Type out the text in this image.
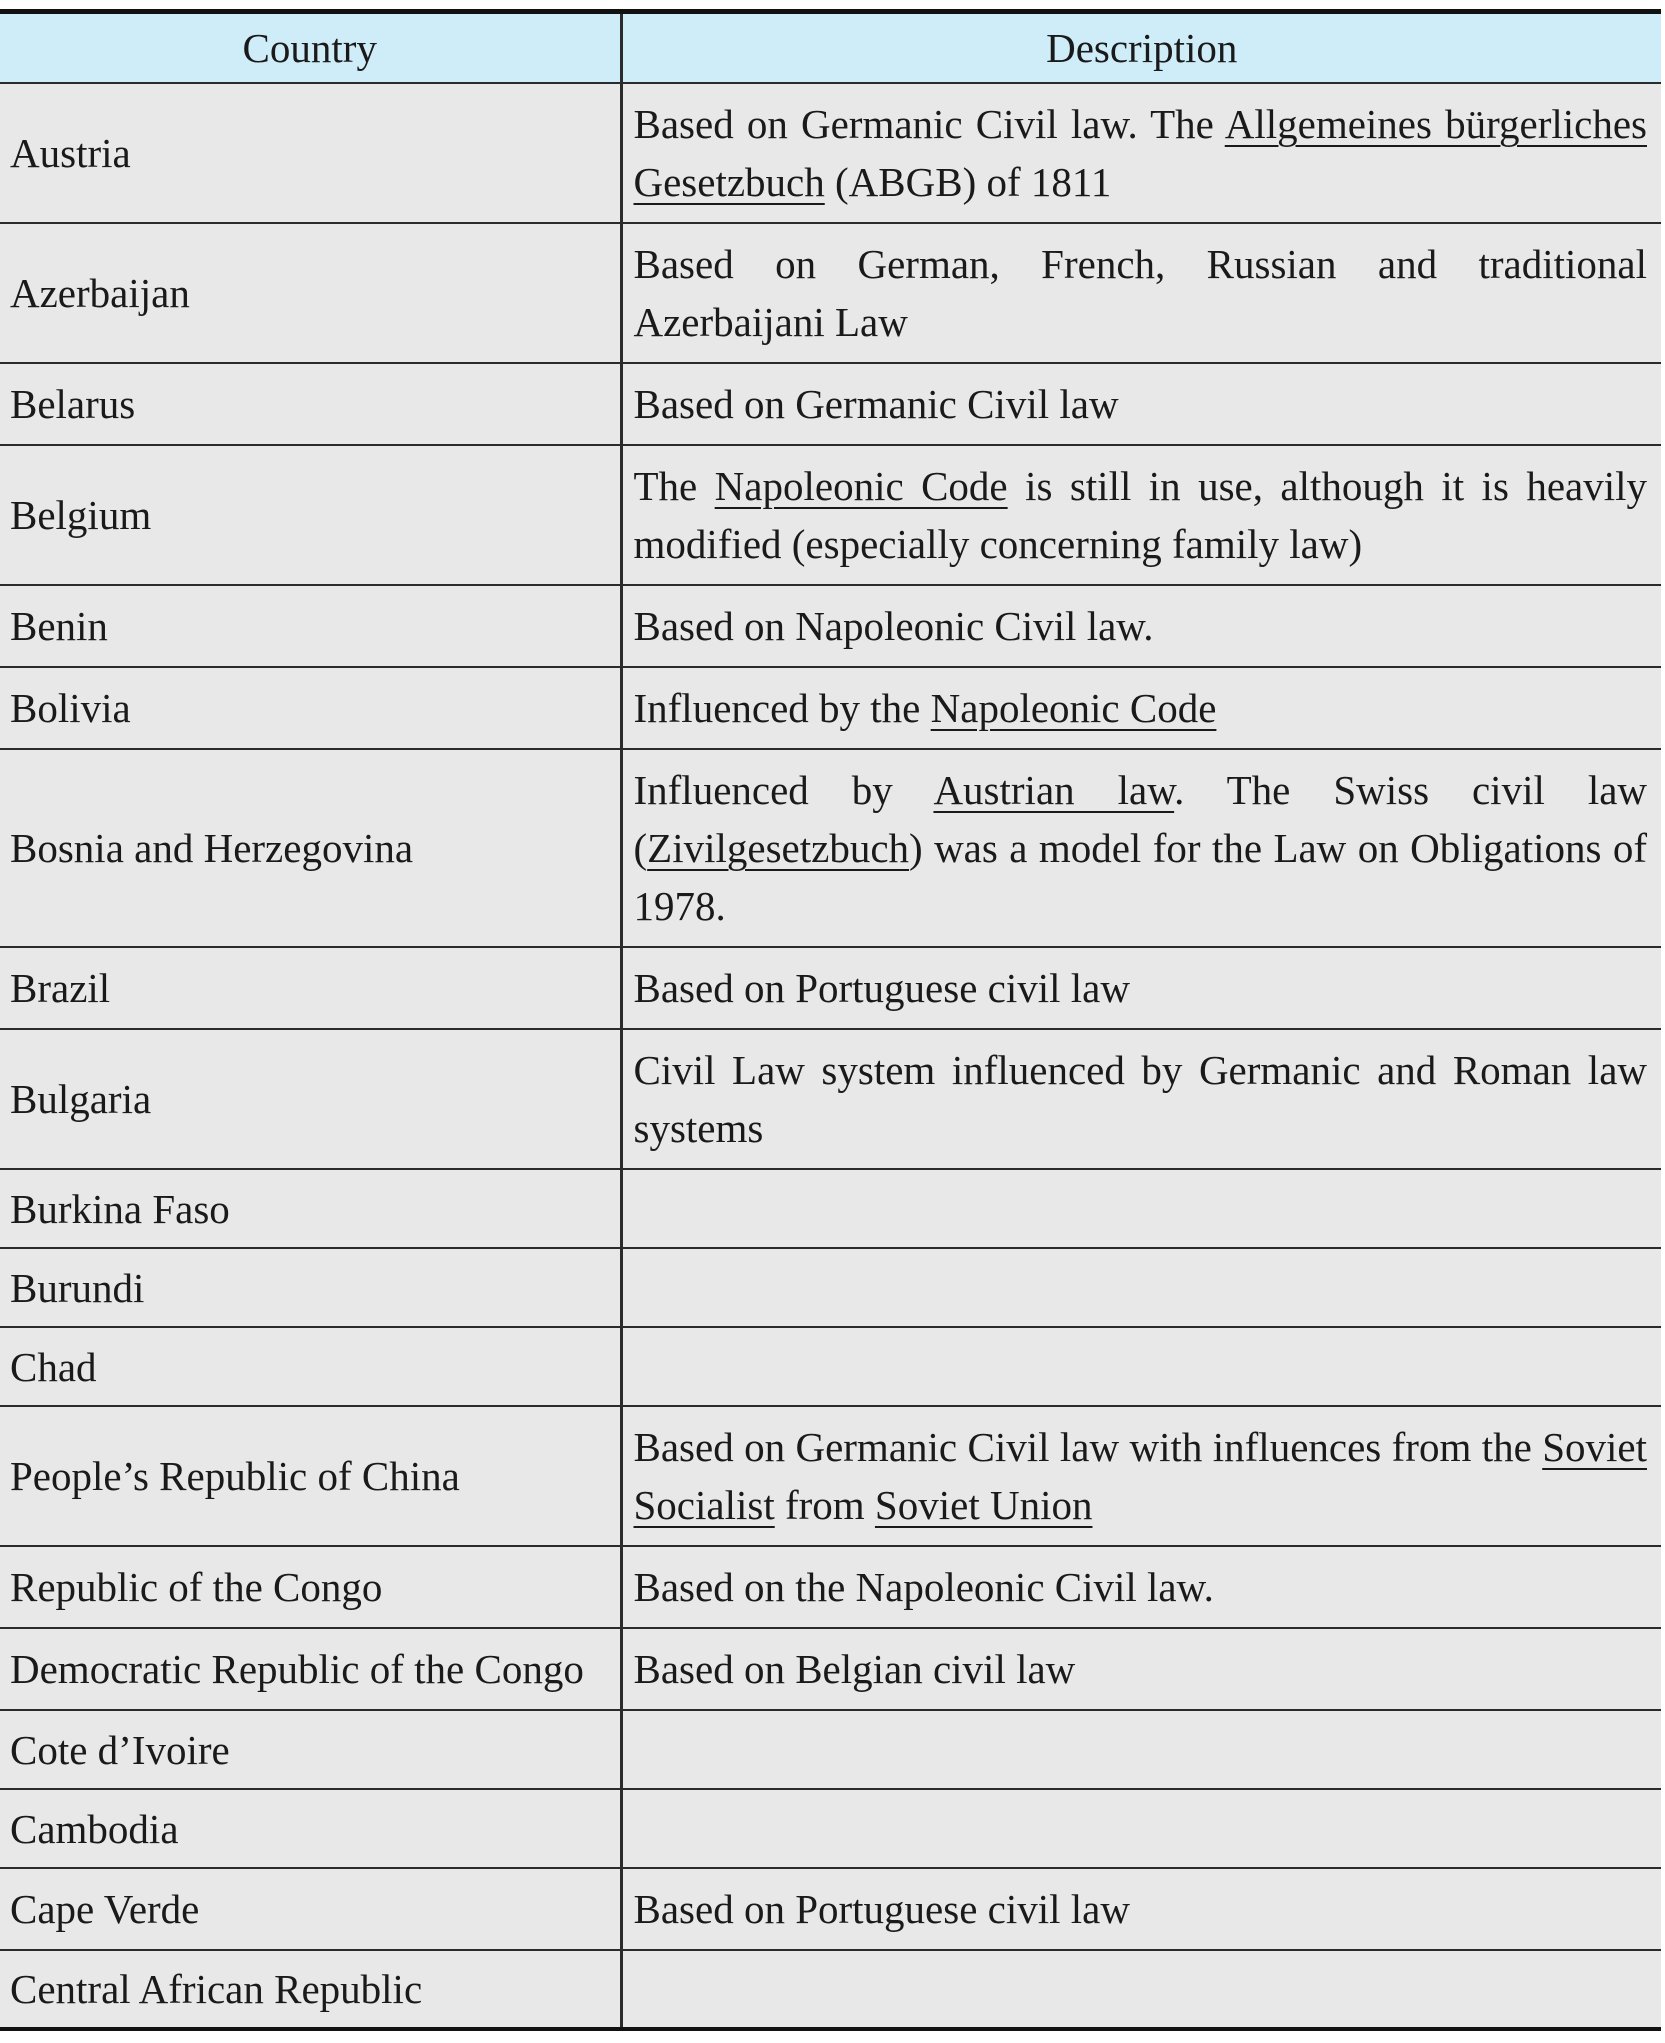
Country	Description
Austria	Based on Germanic Civil law. The Allgemeines bürgerliches Gesetzbuch (ABGB) of 1811
Azerbaijan	Based on German, French, Russian and traditional Azerbaijani Law
Belarus	Based on Germanic Civil law
Belgium	The Napoleonic Code is still in use, although it is heavily modified (especially concerning family law)
Benin	Based on Napoleonic Civil law.
Bolivia	Influenced by the Napoleonic Code
Bosnia and Herzegovina	Influenced by Austrian law. The Swiss civil law (Zivilgesetzbuch) was a model for the Law on Obligations of 1978.
Brazil	Based on Portuguese civil law
Bulgaria	Civil Law system influenced by Germanic and Roman law systems
Burkina Faso	
Burundi	
Chad	
People’s Republic of China	Based on Germanic Civil law with influences from the Soviet Socialist from Soviet Union
Republic of the Congo	Based on the Napoleonic Civil law.
Democratic Republic of the Congo	Based on Belgian civil law
Cote d’Ivoire	
Cambodia	
Cape Verde	Based on Portuguese civil law
Central African Republic	
